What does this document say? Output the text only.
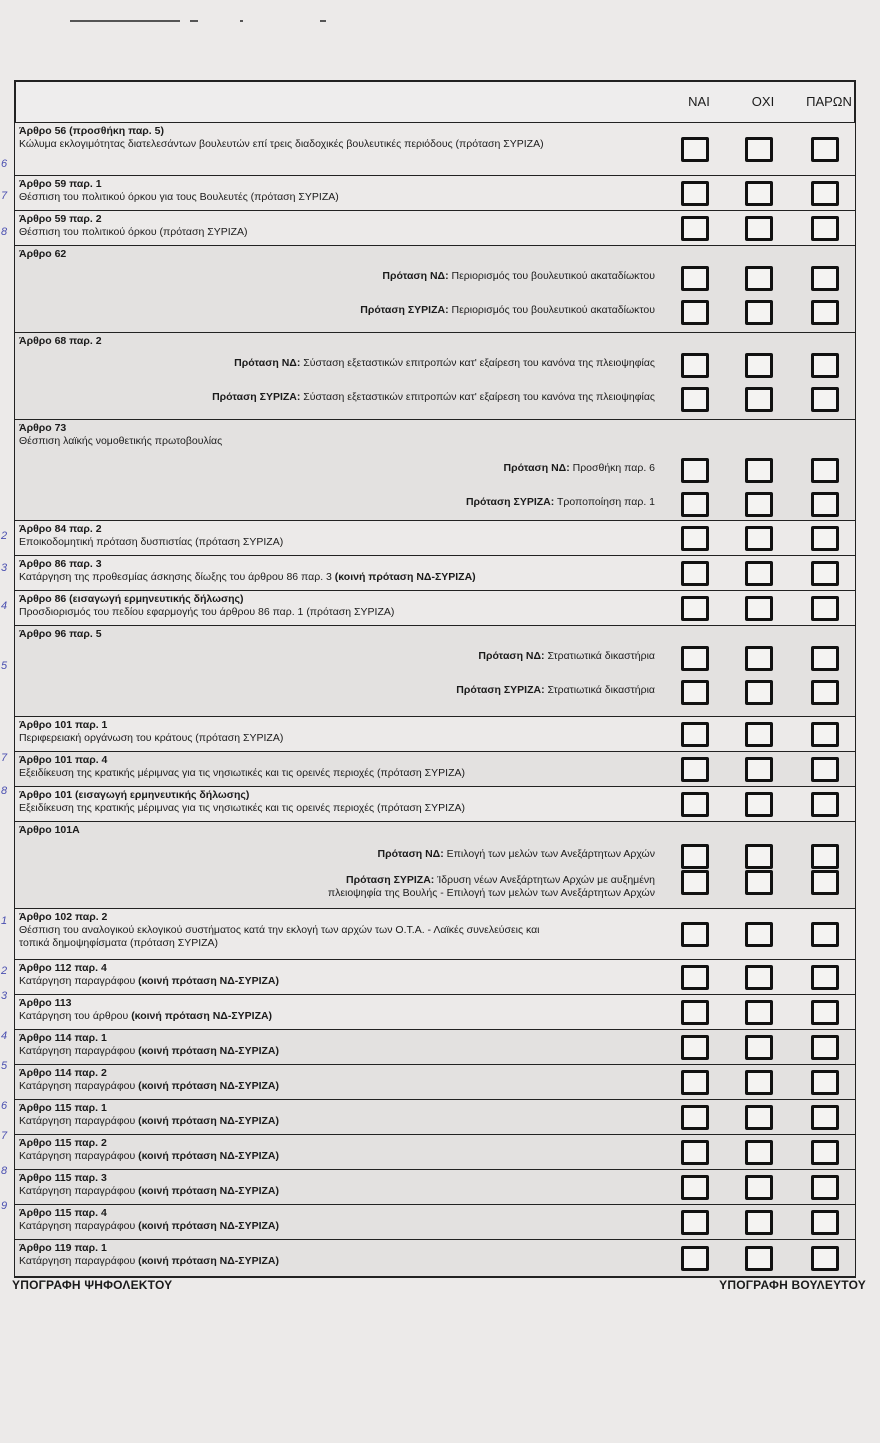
ΝΑΙ	ΟΧΙ	ΠΑΡΩΝ
Άρθρο 56 (προσθήκη παρ. 5)
Κώλυμα εκλογιμότητας διατελεσάντων βουλευτών επί τρεις διαδοχικές βουλευτικές περιόδους (πρόταση ΣΥΡΙΖΑ)
Άρθρο 59 παρ. 1
Θέσπιση του πολιτικού όρκου για τους Βουλευτές (πρόταση ΣΥΡΙΖΑ)
Άρθρο 59 παρ. 2
Θέσπιση του πολιτικού όρκου (πρόταση ΣΥΡΙΖΑ)
Άρθρο 62
Πρόταση ΝΔ: Περιορισμός του βουλευτικού ακαταδίωκτου
Πρόταση ΣΥΡΙΖΑ: Περιορισμός του βουλευτικού ακαταδίωκτου
Άρθρο 68 παρ. 2
Πρόταση ΝΔ: Σύσταση εξεταστικών επιτροπών κατ' εξαίρεση του κανόνα της πλειοψηφίας
Πρόταση ΣΥΡΙΖΑ: Σύσταση εξεταστικών επιτροπών κατ' εξαίρεση του κανόνα της πλειοψηφίας
Άρθρο 73
Θέσπιση λαϊκής νομοθετικής πρωτοβουλίας
Πρόταση ΝΔ: Προσθήκη παρ. 6
Πρόταση ΣΥΡΙΖΑ: Τροποποίηση παρ. 1
Άρθρο 84 παρ. 2
Εποικοδομητική πρόταση δυσπιστίας (πρόταση ΣΥΡΙΖΑ)
Άρθρο 86 παρ. 3
Κατάργηση της προθεσμίας άσκησης δίωξης του άρθρου 86 παρ. 3 (κοινή πρόταση ΝΔ-ΣΥΡΙΖΑ)
Άρθρο 86 (εισαγωγή ερμηνευτικής δήλωσης)
Προσδιορισμός του πεδίου εφαρμογής του άρθρου 86 παρ. 1 (πρόταση ΣΥΡΙΖΑ)
Άρθρο 96 παρ. 5
Πρόταση ΝΔ: Στρατιωτικά δικαστήρια
Πρόταση ΣΥΡΙΖΑ: Στρατιωτικά δικαστήρια
Άρθρο 101 παρ. 1
Περιφερειακή οργάνωση του κράτους (πρόταση ΣΥΡΙΖΑ)
Άρθρο 101 παρ. 4
Εξειδίκευση της κρατικής μέριμνας για τις νησιωτικές και τις ορεινές περιοχές (πρόταση ΣΥΡΙΖΑ)
Άρθρο 101 (εισαγωγή ερμηνευτικής δήλωσης)
Εξειδίκευση της κρατικής μέριμνας για τις νησιωτικές και τις ορεινές περιοχές (πρόταση ΣΥΡΙΖΑ)
Άρθρο 101Α
Πρόταση ΝΔ: Επιλογή των μελών των Ανεξάρτητων Αρχών
Πρόταση ΣΥΡΙΖΑ: Ίδρυση νέων Ανεξάρτητων Αρχών με αυξημένη
πλειοψηφία της Βουλής - Επιλογή των μελών των Ανεξάρτητων Αρχών
Άρθρο 102 παρ. 2
Θέσπιση του αναλογικού εκλογικού συστήματος κατά την εκλογή των αρχών των Ο.Τ.Α. - Λαϊκές συνελεύσεις και
τοπικά δημοψηφίσματα (πρόταση ΣΥΡΙΖΑ)
Άρθρο 112 παρ. 4
Κατάργηση παραγράφου (κοινή πρόταση ΝΔ-ΣΥΡΙΖΑ)
Άρθρο 113
Κατάργηση του άρθρου (κοινή πρόταση ΝΔ-ΣΥΡΙΖΑ)
Άρθρο 114 παρ. 1
Κατάργηση παραγράφου (κοινή πρόταση ΝΔ-ΣΥΡΙΖΑ)
Άρθρο 114 παρ. 2
Κατάργηση παραγράφου (κοινή πρόταση ΝΔ-ΣΥΡΙΖΑ)
Άρθρο 115 παρ. 1
Κατάργηση παραγράφου (κοινή πρόταση ΝΔ-ΣΥΡΙΖΑ)
Άρθρο 115 παρ. 2
Κατάργηση παραγράφου (κοινή πρόταση ΝΔ-ΣΥΡΙΖΑ)
Άρθρο 115 παρ. 3
Κατάργηση παραγράφου (κοινή πρόταση ΝΔ-ΣΥΡΙΖΑ)
Άρθρο 115 παρ. 4
Κατάργηση παραγράφου (κοινή πρόταση ΝΔ-ΣΥΡΙΖΑ)
Άρθρο 119 παρ. 1
Κατάργηση παραγράφου (κοινή πρόταση ΝΔ-ΣΥΡΙΖΑ)
ΥΠΟΓΡΑΦΗ ΨΗΦΟΛΕΚΤΟΥ	ΥΠΟΓΡΑΦΗ ΒΟΥΛΕΥΤΟΥ
6
7
8
2
3
4
5
7
8
1
2
3
4
5
6
7
8
9
